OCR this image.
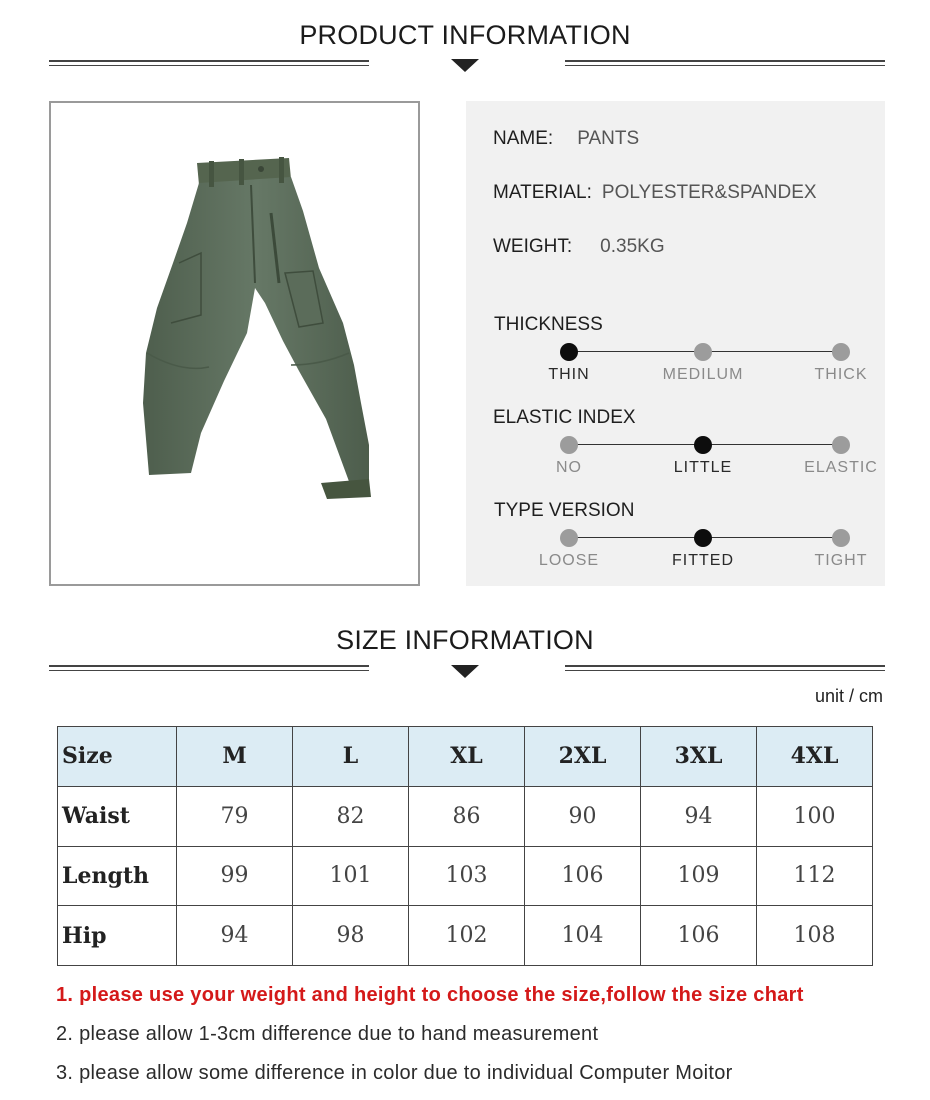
PRODUCT INFORMATION
NAME: PANTS
MATERIAL: POLYESTER&SPANDEX
WEIGHT: 0.35KG
THICKNESS
THIN	MEDILUM	THICK
ELASTIC INDEX
NO	LITTLE	ELASTIC
TYPE VERSION
LOOSE	FITTED	TIGHT
SIZE INFORMATION
unit / cm
Size	M	L	XL	2XL	3XL	4XL
Waist	79	82	86	90	94	100
Length	99	101	103	106	109	112
Hip	94	98	102	104	106	108
1. please use your weight and height to choose the size,follow the size chart
2. please allow 1-3cm difference due to hand measurement
3. please allow some difference in color due to individual Computer Moitor
